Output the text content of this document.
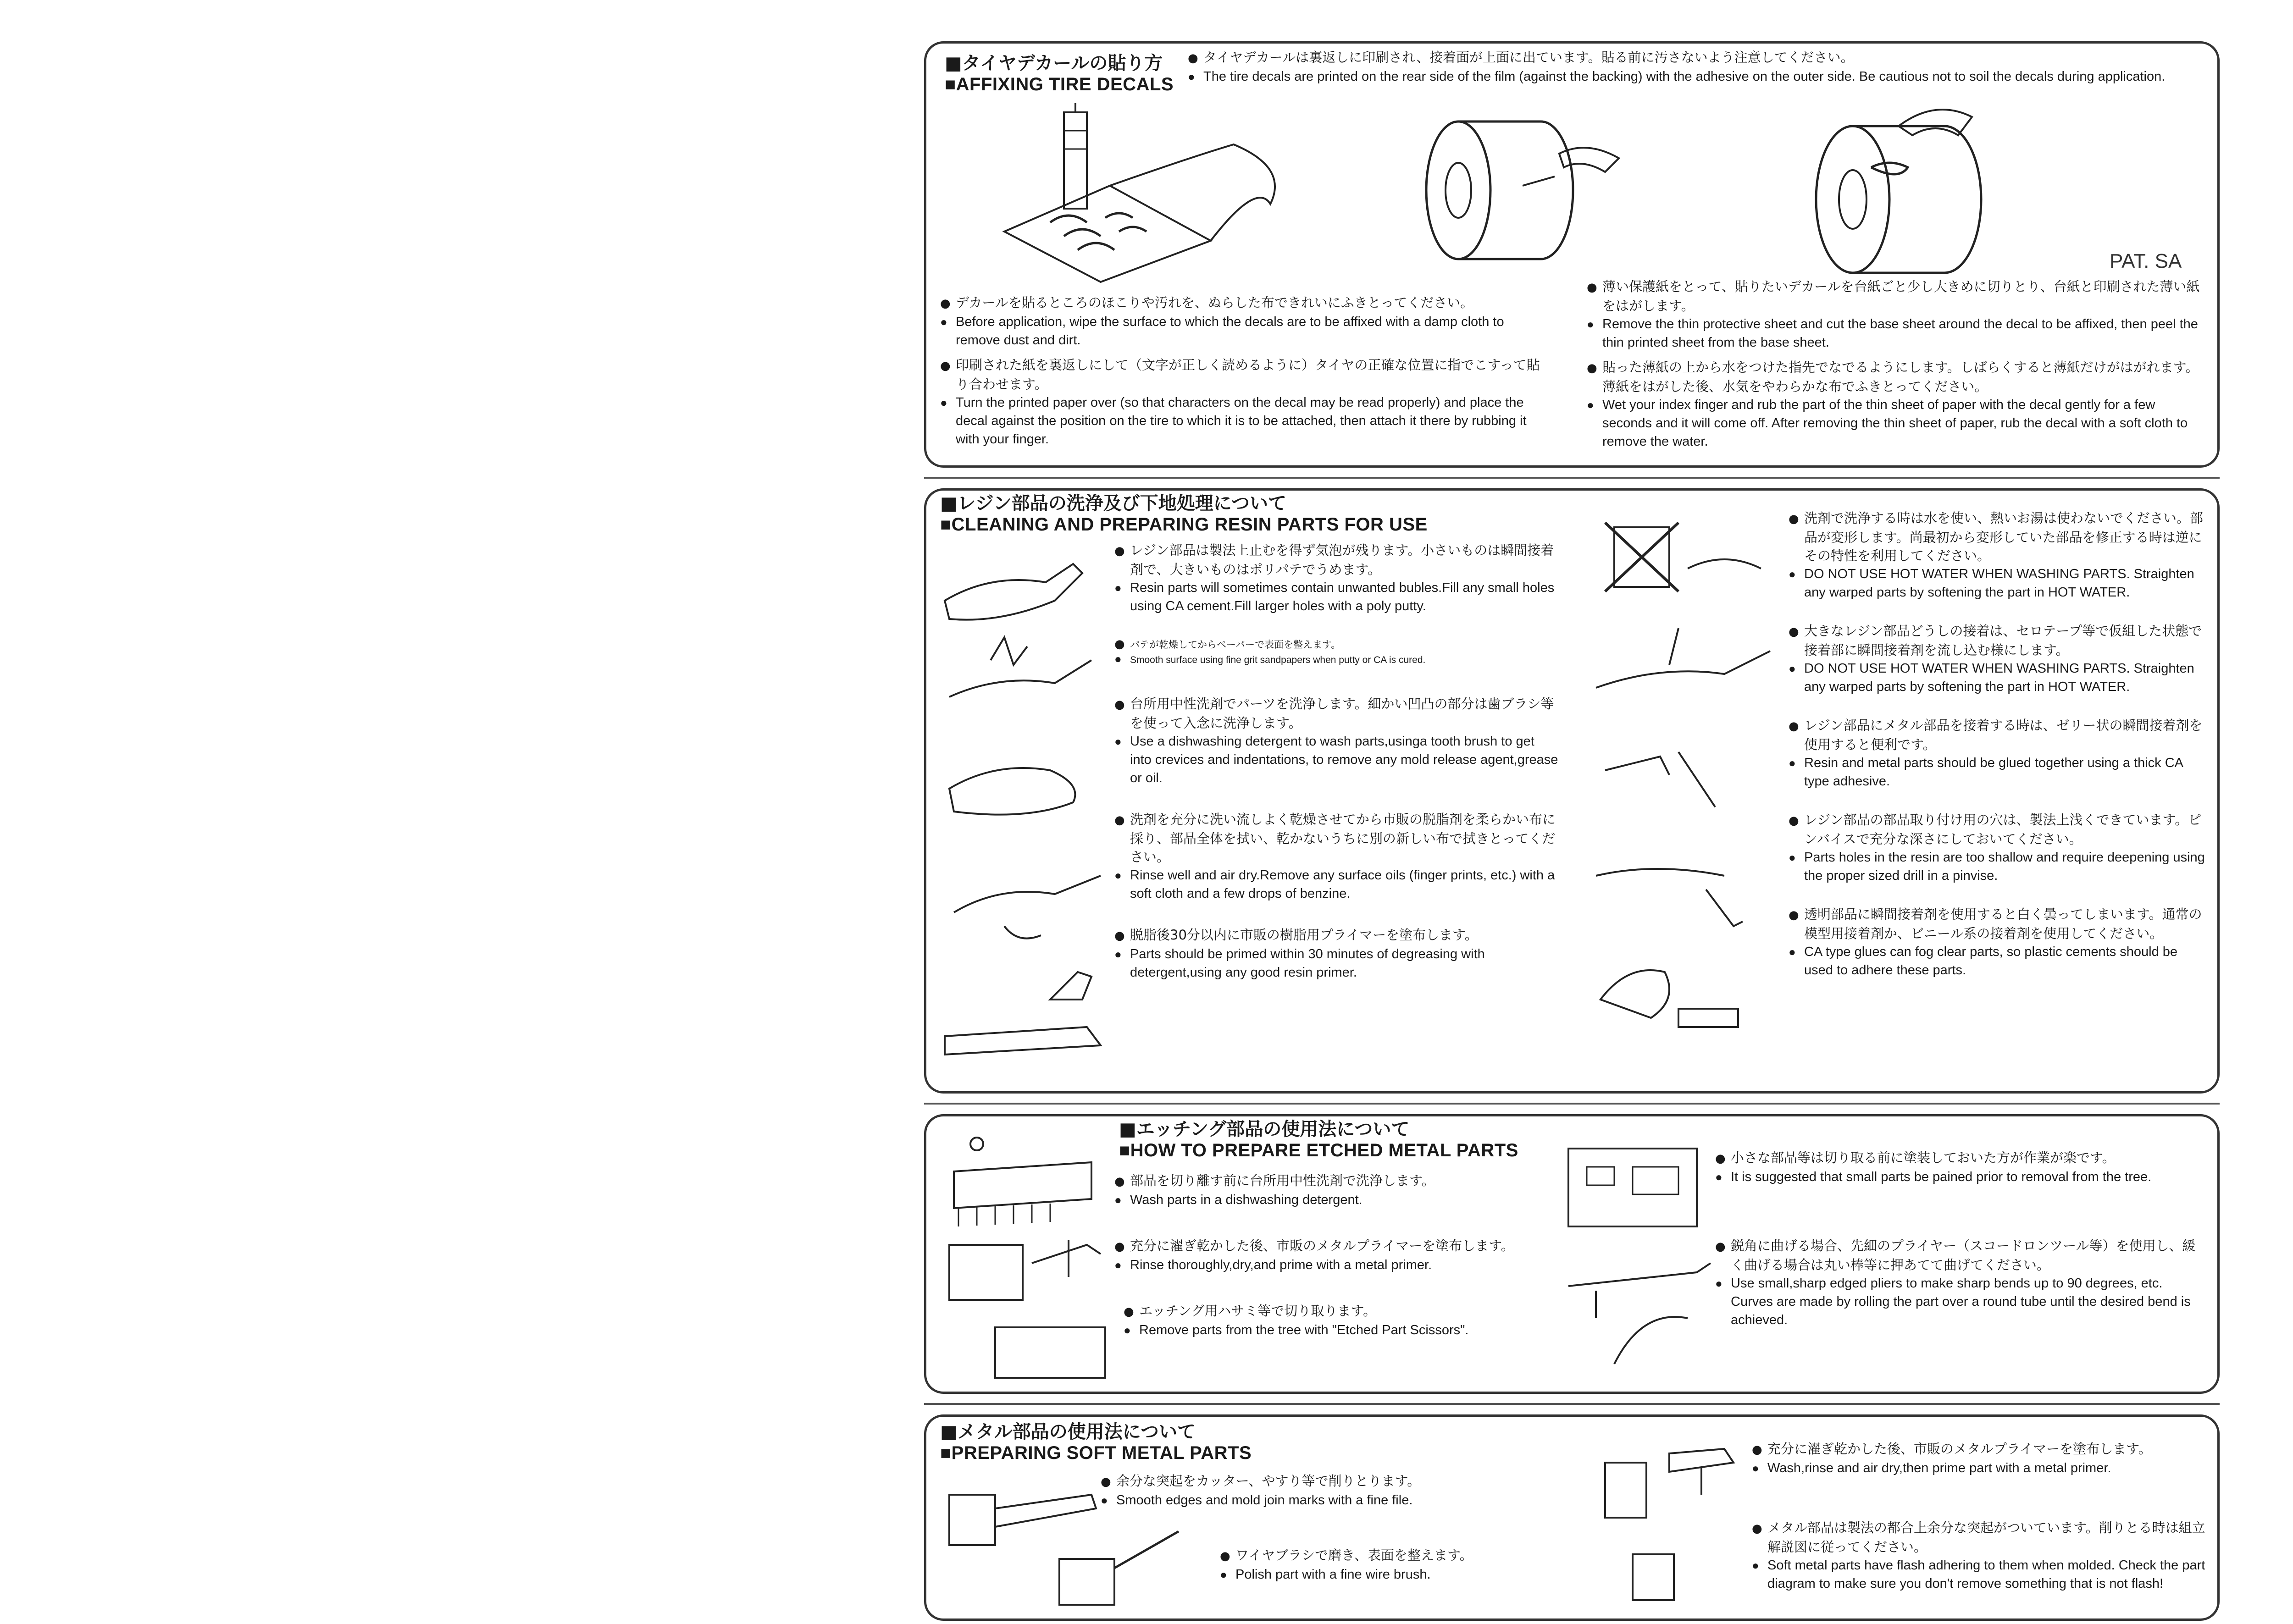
■タイヤデカールの貼り方
■AFFIXING TIRE DECALS
● タイヤデカールは裏返しに印刷され、接着面が上面に出ています。貼る前に汚さないよう注意してください。
● The tire decals are printed on the rear side of the film (against the backing) with the adhesive on the outer side. Be cautious not to soil the decals during application.
PAT. SA
● デカールを貼るところのほこりや汚れを、ぬらした布できれいにふきとってください。
● Before application, wipe the surface to which the decals are to be affixed with a damp cloth to remove dust and dirt.
● 印刷された紙を裏返しにして（文字が正しく読めるように）タイヤの正確な位置に指でこすって貼り合わせます。
● Turn the printed paper over (so that characters on the decal may be read properly) and place the decal against the position on the tire to which it is to be attached, then attach it there by rubbing it with your finger.
● 薄い保護紙をとって、貼りたいデカールを台紙ごと少し大きめに切りとり、台紙と印刷された薄い紙をはがします。
● Remove the thin protective sheet and cut the base sheet around the decal to be affixed, then peel the thin printed sheet from the base sheet.
● 貼った薄紙の上から水をつけた指先でなでるようにします。しばらくすると薄紙だけがはがれます。薄紙をはがした後、水気をやわらかな布でふきとってください。
● Wet your index finger and rub the part of the thin sheet of paper with the decal gently for a few seconds and it will come off. After removing the thin sheet of paper, rub the decal with a soft cloth to remove the water.
■レジン部品の洗浄及び下地処理について
■CLEANING AND PREPARING RESIN PARTS FOR USE
● レジン部品は製法上止むを得ず気泡が残ります。小さいものは瞬間接着剤で、大きいものはポリパテでうめます。
● Resin parts will sometimes contain unwanted bubles.Fill any small holes using CA cement.Fill larger holes with a poly putty.
● パテが乾燥してからペーパーで表面を整えます。
● Smooth surface using fine grit sandpapers when putty or CA is cured.
● 台所用中性洗剤でパーツを洗浄します。細かい凹凸の部分は歯ブラシ等を使って入念に洗浄します。
● Use a dishwashing detergent to wash parts,usinga tooth brush to get into crevices and indentations, to remove any mold release agent,grease or oil.
● 洗剤を充分に洗い流しよく乾燥させてから市販の脱脂剤を柔らかい布に採り、部品全体を拭い、乾かないうちに別の新しい布で拭きとってください。
● Rinse well and air dry.Remove any surface oils (finger prints, etc.) with a soft cloth and a few drops of benzine.
● 脱脂後30分以内に市販の樹脂用プライマーを塗布します。
● Parts should be primed within 30 minutes of degreasing with detergent,using any good resin primer.
● 洗剤で洗浄する時は水を使い、熱いお湯は使わないでください。部品が変形します。尚最初から変形していた部品を修正する時は逆にその特性を利用してください。
● DO NOT USE HOT WATER WHEN WASHING PARTS. Straighten any warped parts by softening the part in HOT WATER.
● 大きなレジン部品どうしの接着は、セロテープ等で仮組した状態で接着部に瞬間接着剤を流し込む様にします。
● DO NOT USE HOT WATER WHEN WASHING PARTS. Straighten any warped parts by softening the part in HOT WATER.
● レジン部品にメタル部品を接着する時は、ゼリー状の瞬間接着剤を使用すると便利です。
● Resin and metal parts should be glued together using a thick CA type adhesive.
● レジン部品の部品取り付け用の穴は、製法上浅くできています。ピンバイスで充分な深さにしておいてください。
● Parts holes in the resin are too shallow and require deepening using the proper sized drill in a pinvise.
● 透明部品に瞬間接着剤を使用すると白く曇ってしまいます。通常の模型用接着剤か、ビニール系の接着剤を使用してください。
● CA type glues can fog clear parts, so plastic cements should be used to adhere these parts.
■エッチング部品の使用法について
■HOW TO PREPARE ETCHED METAL PARTS
● 部品を切り離す前に台所用中性洗剤で洗浄します。
● Wash parts in a dishwashing detergent.
● 充分に濯ぎ乾かした後、市販のメタルプライマーを塗布します。
● Rinse thoroughly,dry,and prime with a metal primer.
● エッチング用ハサミ等で切り取ります。
● Remove parts from the tree with "Etched Part Scissors".
● 小さな部品等は切り取る前に塗装しておいた方が作業が楽です。
● It is suggested that small parts be pained prior to removal from the tree.
● 鋭角に曲げる場合、先細のプライヤー（スコードロンツール等）を使用し、緩く曲げる場合は丸い棒等に押あてて曲げてください。
● Use small,sharp edged pliers to make sharp bends up to 90 degrees, etc. Curves are made by rolling the part over a round tube until the desired bend is achieved.
■メタル部品の使用法について
■PREPARING SOFT METAL PARTS
● 余分な突起をカッター、やすり等で削りとります。
● Smooth edges and mold join marks with a fine file.
● ワイヤブラシで磨き、表面を整えます。
● Polish part with a fine wire brush.
● 充分に濯ぎ乾かした後、市販のメタルプライマーを塗布します。
● Wash,rinse and air dry,then prime part with a metal primer.
● メタル部品は製法の都合上余分な突起がついています。削りとる時は組立解説図に従ってください。
● Soft metal parts have flash adhering to them when molded. Check the part diagram to make sure you don't remove something that is not flash!
